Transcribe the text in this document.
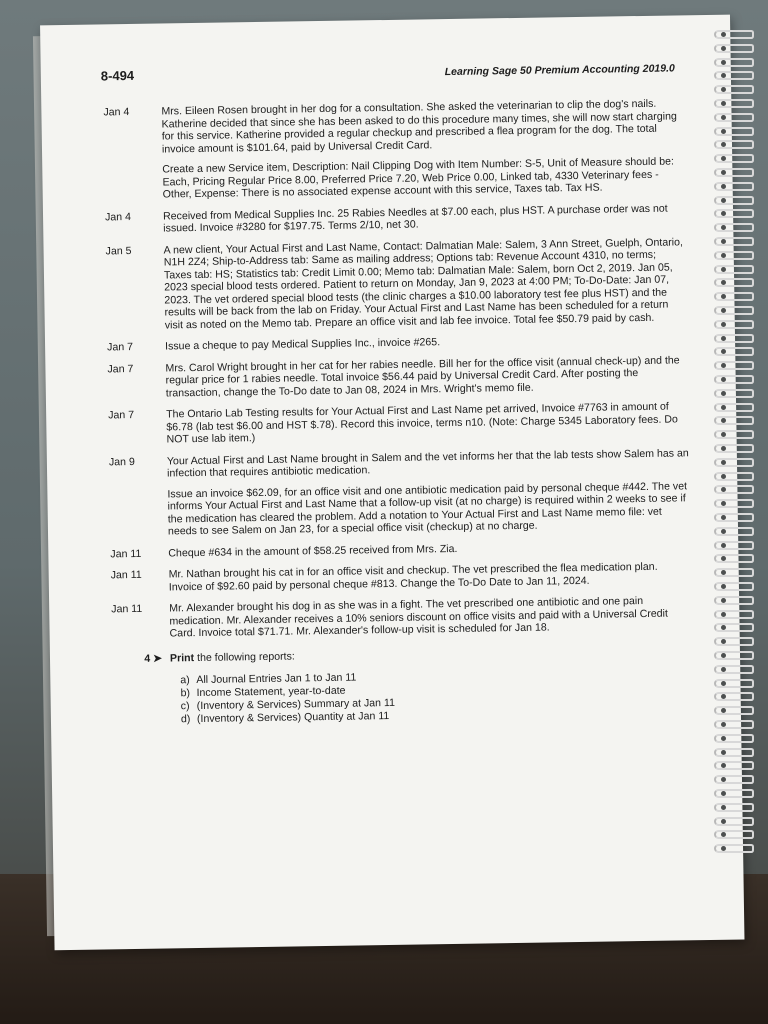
8-494	Learning Sage 50 Premium Accounting 2019.0
Jan 4	Mrs. Eileen Rosen brought in her dog for a consultation. She asked the veterinarian to clip the dog's nails. Katherine decided that since she has been asked to do this procedure many times, she will now start charging for this service. Katherine provided a regular checkup and prescribed a flea program for the dog. The total invoice amount is $101.64, paid by Universal Credit Card.

Create a new Service item, Description: Nail Clipping Dog with Item Number: S-5, Unit of Measure should be: Each, Pricing Regular Price 8.00, Preferred Price 7.20, Web Price 0.00, Linked tab, 4330 Veterinary fees - Other, Expense: There is no associated expense account with this service, Taxes tab. Tax HS.

Jan 4	Received from Medical Supplies Inc. 25 Rabies Needles at $7.00 each, plus HST. A purchase order was not issued. Invoice #3280 for $197.75. Terms 2/10, net 30.

Jan 5	A new client, Your Actual First and Last Name, Contact: Dalmatian Male: Salem, 3 Ann Street, Guelph, Ontario, N1H 2Z4; Ship-to-Address tab: Same as mailing address; Options tab: Revenue Account 4310, no terms; Taxes tab: HS; Statistics tab: Credit Limit 0.00; Memo tab: Dalmatian Male: Salem, born Oct 2, 2019. Jan 05, 2023 special blood tests ordered. Patient to return on Monday, Jan 9, 2023 at 4:00 PM; To-Do-Date: Jan 07, 2023. The vet ordered special blood tests (the clinic charges a $10.00 laboratory test fee plus HST) and the results will be back from the lab on Friday. Your Actual First and Last Name has been scheduled for a return visit as noted on the Memo tab. Prepare an office visit and lab fee invoice. Total fee $50.79 paid by cash.

Jan 7	Issue a cheque to pay Medical Supplies Inc., invoice #265.

Jan 7	Mrs. Carol Wright brought in her cat for her rabies needle. Bill her for the office visit (annual check-up) and the regular price for 1 rabies needle. Total invoice $56.44 paid by Universal Credit Card. After posting the transaction, change the To-Do date to Jan 08, 2024 in Mrs. Wright's memo file.

Jan 7	The Ontario Lab Testing results for Your Actual First and Last Name pet arrived, Invoice #7763 in amount of $6.78 (lab test $6.00 and HST $.78). Record this invoice, terms n10. (Note: Charge 5345 Laboratory fees. Do NOT use lab item.)

Jan 9	Your Actual First and Last Name brought in Salem and the vet informs her that the lab tests show Salem has an infection that requires antibiotic medication.

Issue an invoice $62.09, for an office visit and one antibiotic medication paid by personal cheque #442. The vet informs Your Actual First and Last Name that a follow-up visit (at no charge) is required within 2 weeks to see if the medication has cleared the problem. Add a notation to Your Actual First and Last Name memo file: vet needs to see Salem on Jan 23, for a special office visit (checkup) at no charge.

Jan 11	Cheque #634 in the amount of $58.25 received from Mrs. Zia.

Jan 11	Mr. Nathan brought his cat in for an office visit and checkup. The vet prescribed the flea medication plan. Invoice of $92.60 paid by personal cheque #813. Change the To-Do Date to Jan 11, 2024.

Jan 11	Mr. Alexander brought his dog in as she was in a fight. The vet prescribed one antibiotic and one pain medication. Mr. Alexander receives a 10% seniors discount on office visits and paid with a Universal Credit Card. Invoice total $71.71. Mr. Alexander's follow-up visit is scheduled for Jan 18.

4 ➤ Print the following reports:
a) All Journal Entries Jan 1 to Jan 11
b) Income Statement, year-to-date
c) (Inventory & Services) Summary at Jan 11
d) (Inventory & Services) Quantity at Jan 11
